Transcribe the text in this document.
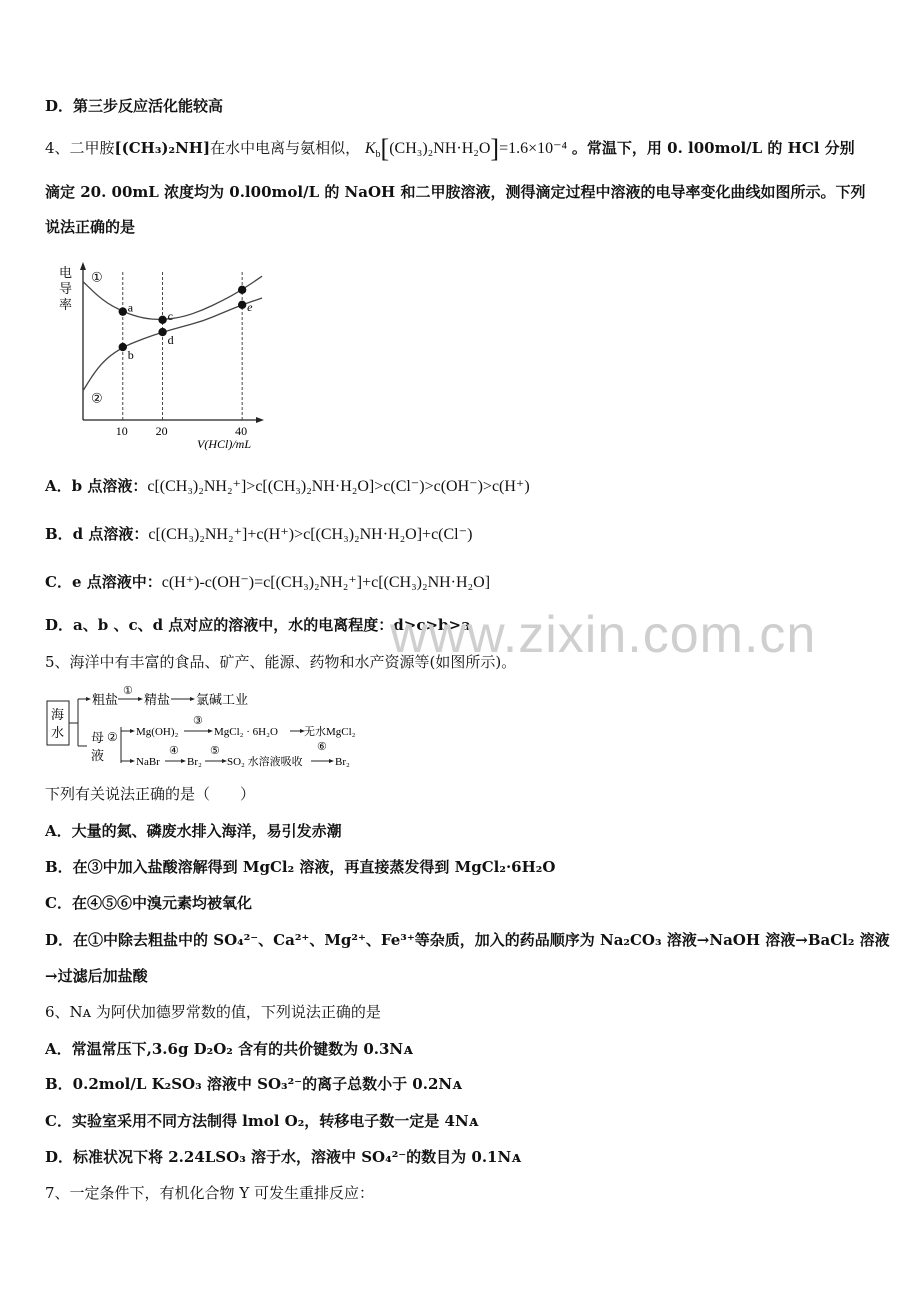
D．第三步反应活化能较高
4、二甲胺[(CH₃)₂NH]在水中电离与氨相似， $K_b[(CH_3)_2NH\cdot H_2O]=1.6\times 10^{-4}$ 。常温下，用 0. l00mol/L 的 HCl 分别
滴定 20. 00mL 浓度均为 0.l00mol/L 的 NaOH 和二甲胺溶液，测得滴定过程中溶液的电导率变化曲线如图所示。下列
说法正确的是
电
导
率
10 20	40
①
②
a
b
c
d
e
V(HCl)/mL
A．b 点溶液：c[(CH₃)₂NH₂⁺]>c[(CH₃)₂NH·H₂O]>c(Cl⁻)>c(OH⁻)>c(H⁺)
B．d 点溶液：c[(CH₃)₂NH₂⁺]+c(H⁺)>c[(CH₃)₂NH·H₂O]+c(Cl⁻)
C．e 点溶液中：c(H⁺)-c(OH⁻)=c[(CH₃)₂NH₂⁺]+c[(CH₃)₂NH·H₂O]
D．a、b 、c、d 点对应的溶液中，水的电离程度：d>c>b>a
www.zixin.com.cn
5、海洋中有丰富的食品、矿产、能源、药物和水产资源等(如图所示)。
海
水
粗盐
①
精盐 氯碱工业
母
液
② Mg(OH)₂
③
MgCl₂ · 6H₂O 无水MgCl₂
NaBr
④
Br₂
⑤
SO₂ 水溶液吸收
⑥
Br₂
下列有关说法正确的是（　　）
A．大量的氮、磷废水排入海洋，易引发赤潮
B．在③中加入盐酸溶解得到 MgCl₂ 溶液，再直接蒸发得到 MgCl₂·6H₂O
C．在④⑤⑥中溴元素均被氧化
D．在①中除去粗盐中的 SO₄²⁻、Ca²⁺、Mg²⁺、Fe³⁺等杂质，加入的药品顺序为 Na₂CO₃ 溶液→NaOH 溶液→BaCl₂ 溶液
→过滤后加盐酸
6、Nᴀ 为阿伏加德罗常数的值，下列说法正确的是
A．常温常压下,3.6g D₂O₂ 含有的共价键数为 0.3Nᴀ
B．0.2mol/L K₂SO₃ 溶液中 SO₃²⁻的离子总数小于 0.2Nᴀ
C．实验室采用不同方法制得 lmol O₂，转移电子数一定是 4Nᴀ
D．标准状况下将 2.24LSO₃ 溶于水，溶液中 SO₄²⁻的数目为 0.1Nᴀ
7、一定条件下，有机化合物 Y 可发生重排反应：
